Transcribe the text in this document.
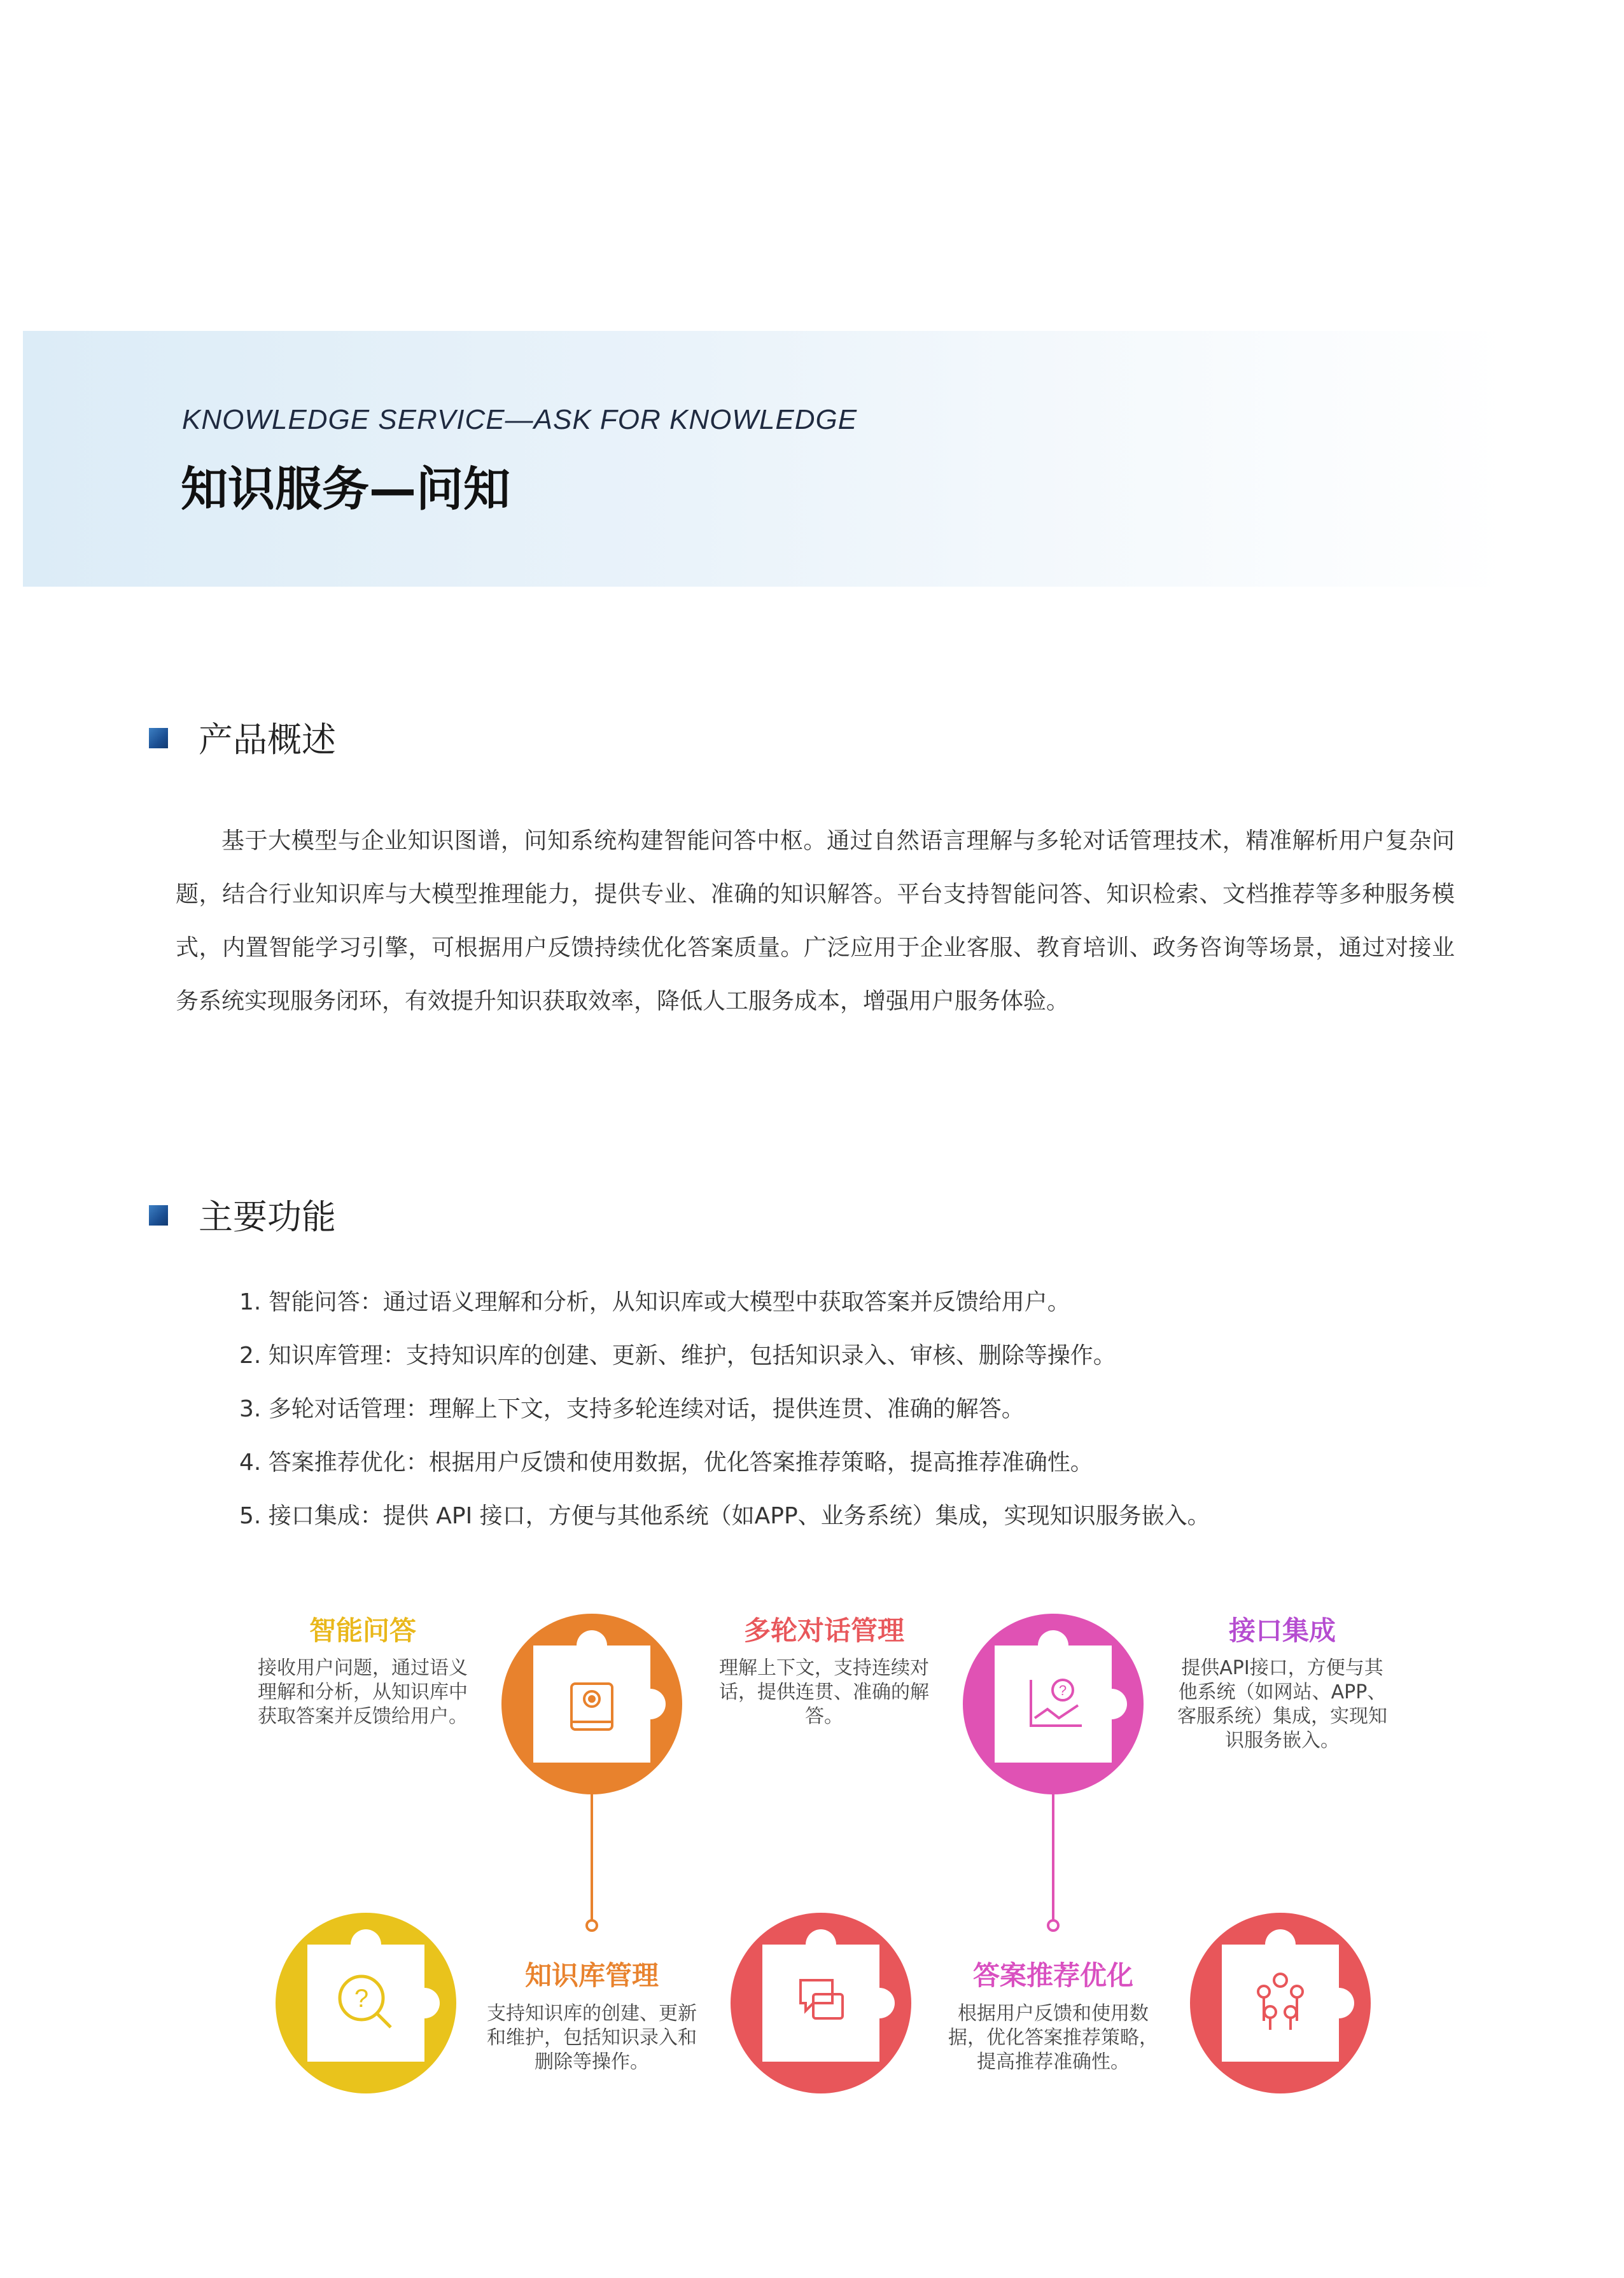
KNOWLEDGE SERVICE—ASK FOR KNOWLEDGE
知识服务—问知
产品概述

基于大模型与企业知识图谱，问知系统构建智能问答中枢。通过自然语言理解与多轮对话管理技术，精准解析用户复杂问题，结合行业知识库与大模型推理能力，提供专业、准确的知识解答。平台支持智能问答、知识检索、文档推荐等多种服务模式，内置智能学习引擎，可根据用户反馈持续优化答案质量。广泛应用于企业客服、教育培训、政务咨询等场景，通过对接业务系统实现服务闭环，有效提升知识获取效率，降低人工服务成本，增强用户服务体验。

主要功能
1. 智能问答：通过语义理解和分析，从知识库或大模型中获取答案并反馈给用户。
2. 知识库管理：支持知识库的创建、更新、维护，包括知识录入、审核、删除等操作。
3. 多轮对话管理：理解上下文，支持多轮连续对话，提供连贯、准确的解答。
4. 答案推荐优化：根据用户反馈和使用数据，优化答案推荐策略，提高推荐准确性。
5. 接口集成：提供 API 接口，方便与其他系统（如APP、业务系统）集成，实现知识服务嵌入。
?
?
智能问答
接收用户问题，通过语义理解和分析，从知识库中获取答案并反馈给用户。
多轮对话管理
理解上下文，支持连续对话，提供连贯、准确的解答。
接口集成
提供API接口，方便与其他系统（如网站、APP、客服系统）集成，实现知识服务嵌入。
知识库管理
支持知识库的创建、更新和维护，包括知识录入和删除等操作。
答案推荐优化
根据用户反馈和使用数据，优化答案推荐策略，提高推荐准确性。
